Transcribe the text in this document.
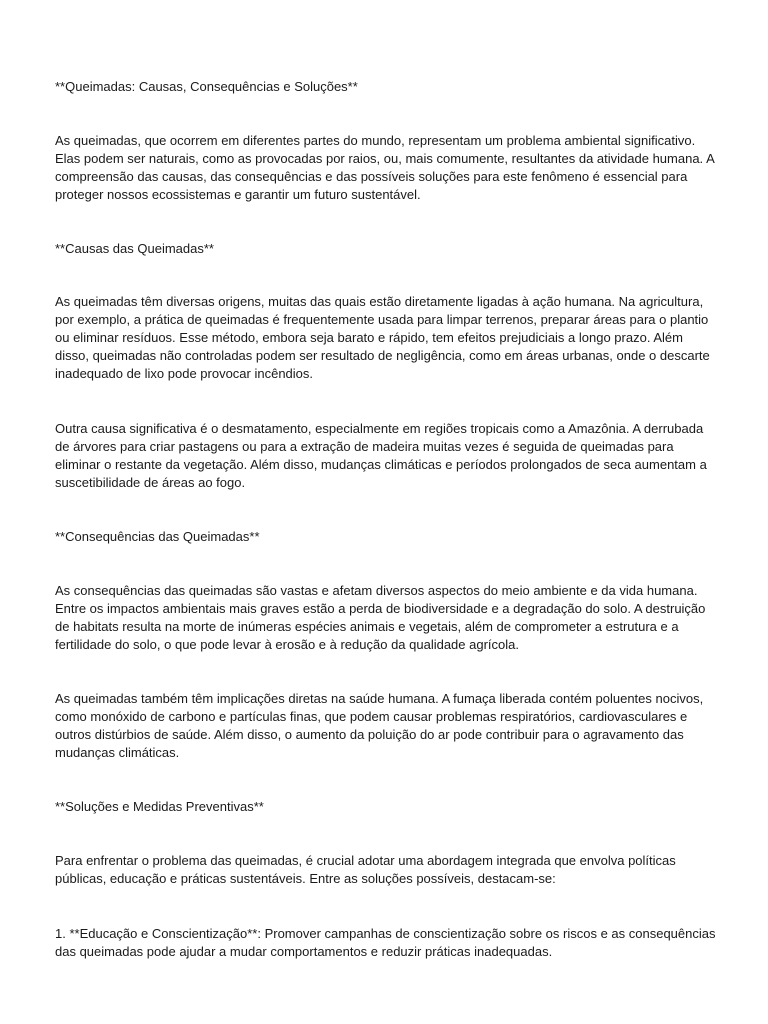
**Queimadas: Causas, Consequências e Soluções**

As queimadas, que ocorrem em diferentes partes do mundo, representam um problema ambiental significativo. Elas podem ser naturais, como as provocadas por raios, ou, mais comumente, resultantes da atividade humana. A compreensão das causas, das consequências e das possíveis soluções para este fenômeno é essencial para proteger nossos ecossistemas e garantir um futuro sustentável.

**Causas das Queimadas**

As queimadas têm diversas origens, muitas das quais estão diretamente ligadas à ação humana. Na agricultura, por exemplo, a prática de queimadas é frequentemente usada para limpar terrenos, preparar áreas para o plantio ou eliminar resíduos. Esse método, embora seja barato e rápido, tem efeitos prejudiciais a longo prazo. Além disso, queimadas não controladas podem ser resultado de negligência, como em áreas urbanas, onde o descarte inadequado de lixo pode provocar incêndios.

Outra causa significativa é o desmatamento, especialmente em regiões tropicais como a Amazônia. A derrubada de árvores para criar pastagens ou para a extração de madeira muitas vezes é seguida de queimadas para eliminar o restante da vegetação. Além disso, mudanças climáticas e períodos prolongados de seca aumentam a suscetibilidade de áreas ao fogo.

**Consequências das Queimadas**

As consequências das queimadas são vastas e afetam diversos aspectos do meio ambiente e da vida humana. Entre os impactos ambientais mais graves estão a perda de biodiversidade e a degradação do solo. A destruição de habitats resulta na morte de inúmeras espécies animais e vegetais, além de comprometer a estrutura e a fertilidade do solo, o que pode levar à erosão e à redução da qualidade agrícola.

As queimadas também têm implicações diretas na saúde humana. A fumaça liberada contém poluentes nocivos, como monóxido de carbono e partículas finas, que podem causar problemas respiratórios, cardiovasculares e outros distúrbios de saúde. Além disso, o aumento da poluição do ar pode contribuir para o agravamento das mudanças climáticas.

**Soluções e Medidas Preventivas**

Para enfrentar o problema das queimadas, é crucial adotar uma abordagem integrada que envolva políticas públicas, educação e práticas sustentáveis. Entre as soluções possíveis, destacam-se:

1. **Educação e Conscientização**: Promover campanhas de conscientização sobre os riscos e as consequências das queimadas pode ajudar a mudar comportamentos e reduzir práticas inadequadas.
